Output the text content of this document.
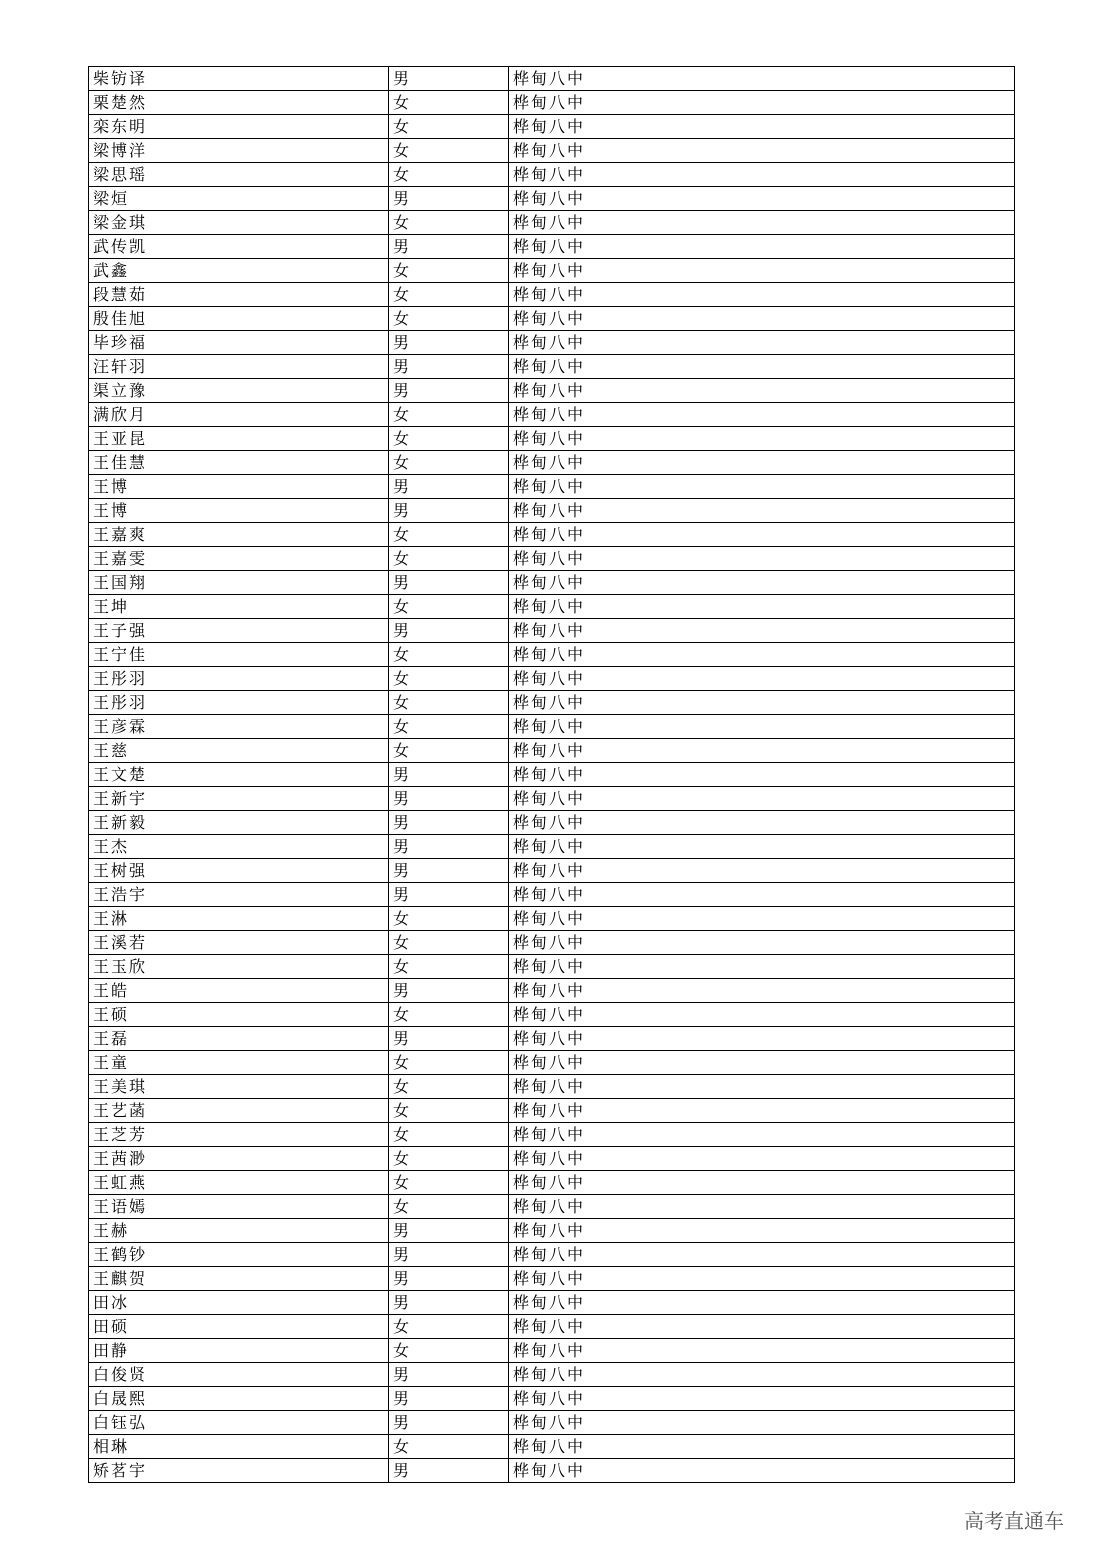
柴钫译	男	桦甸八中
栗楚然	女	桦甸八中
栾东明	女	桦甸八中
梁博洋	女	桦甸八中
梁思瑶	女	桦甸八中
梁烜	男	桦甸八中
梁金琪	女	桦甸八中
武传凯	男	桦甸八中
武鑫	女	桦甸八中
段慧茹	女	桦甸八中
殷佳旭	女	桦甸八中
毕珍福	男	桦甸八中
汪轩羽	男	桦甸八中
渠立豫	男	桦甸八中
满欣月	女	桦甸八中
王亚昆	女	桦甸八中
王佳慧	女	桦甸八中
王博	男	桦甸八中
王博	男	桦甸八中
王嘉爽	女	桦甸八中
王嘉雯	女	桦甸八中
王国翔	男	桦甸八中
王坤	女	桦甸八中
王子强	男	桦甸八中
王宁佳	女	桦甸八中
王彤羽	女	桦甸八中
王彤羽	女	桦甸八中
王彦霖	女	桦甸八中
王慈	女	桦甸八中
王文楚	男	桦甸八中
王新宇	男	桦甸八中
王新毅	男	桦甸八中
王杰	男	桦甸八中
王树强	男	桦甸八中
王浩宇	男	桦甸八中
王淋	女	桦甸八中
王溪若	女	桦甸八中
王玉欣	女	桦甸八中
王皓	男	桦甸八中
王硕	女	桦甸八中
王磊	男	桦甸八中
王童	女	桦甸八中
王美琪	女	桦甸八中
王艺菡	女	桦甸八中
王芝芳	女	桦甸八中
王茜渺	女	桦甸八中
王虹燕	女	桦甸八中
王语嫣	女	桦甸八中
王赫	男	桦甸八中
王鹤钞	男	桦甸八中
王麒贺	男	桦甸八中
田冰	男	桦甸八中
田硕	女	桦甸八中
田静	女	桦甸八中
白俊贤	男	桦甸八中
白晟熙	男	桦甸八中
白钰弘	男	桦甸八中
相琳	女	桦甸八中
矫茗宇	男	桦甸八中
高考直通车
